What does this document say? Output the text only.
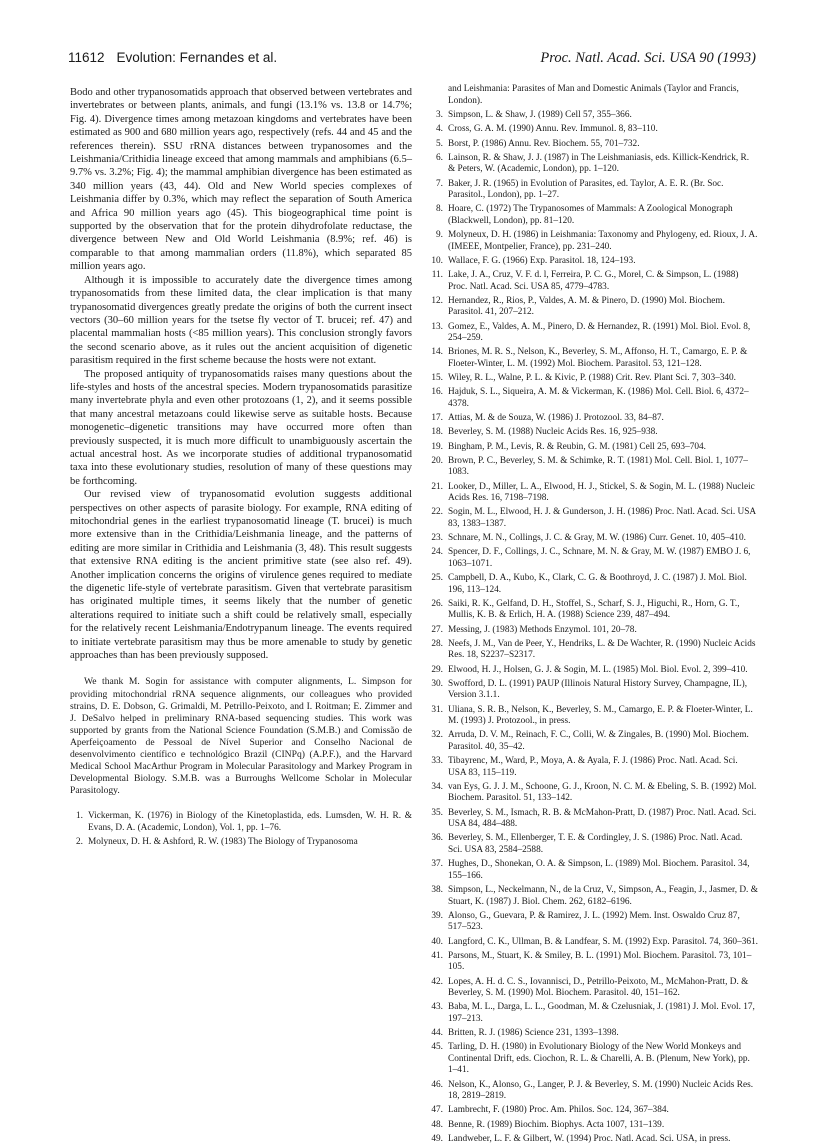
11612 Evolution: Fernandes et al.	Proc. Natl. Acad. Sci. USA 90 (1993)

Bodo and other trypanosomatids approach that observed between vertebrates and invertebrates or between plants, animals, and fungi (13.1% vs. 13.8 or 14.7%; Fig. 4). Divergence times among metazoan kingdoms and vertebrates have been estimated as 900 and 680 million years ago, respectively (refs. 44 and 45 and the references therein). SSU rRNA distances between trypanosomes and the Leishmania/Crithidia lineage exceed that among mammals and amphibians (6.5–9.7% vs. 3.2%; Fig. 4); the mammal amphibian divergence has been estimated as 340 million years (43, 44). Old and New World species complexes of Leishmania differ by 0.3%, which may reflect the separation of South America and Africa 90 million years ago (45). This biogeographical time point is supported by the observation that for the protein dihydrofolate reductase, the divergence between New and Old World Leishmania (8.9%; ref. 46) is comparable to that among mammalian orders (11.8%), which separated 85 million years ago.

Although it is impossible to accurately date the divergence times among trypanosomatids from these limited data, the clear implication is that many trypanosomatid divergences greatly predate the origins of both the current insect vectors (30–60 million years for the tsetse fly vector of T. brucei; ref. 47) and placental mammalian hosts (<85 million years). This conclusion strongly favors the second scenario above, as it rules out the ancient acquisition of digenetic parasitism required in the first scheme because the hosts were not extant.

The proposed antiquity of trypanosomatids raises many questions about the life-styles and hosts of the ancestral species. Modern trypanosomatids parasitize many invertebrate phyla and even other protozoans (1, 2), and it seems possible that many ancestral metazoans could likewise serve as suitable hosts. Because monogenetic–digenetic transitions may have occurred more often than previously suspected, it is much more difficult to unambiguously ascertain the actual ancestral host. As we incorporate studies of additional trypanosomatid taxa into these evolutionary studies, resolution of many of these questions may be forthcoming.

Our revised view of trypanosomatid evolution suggests additional perspectives on other aspects of parasite biology. For example, RNA editing of mitochondrial genes in the earliest trypanosomatid lineage (T. brucei) is much more extensive than in the Crithidia/Leishmania lineage, and the patterns of editing are more similar in Crithidia and Leishmania (3, 48). This result suggests that extensive RNA editing is the ancient primitive state (see also ref. 49). Another implication concerns the origins of virulence genes required to mediate the digenetic life-style of vertebrate parasitism. Given that vertebrate parasitism has originated multiple times, it seems likely that the number of genetic alterations required to initiate such a shift could be relatively small, especially for the relatively recent Leishmania/Endotrypanum lineage. The events required to initiate vertebrate parasitism may thus be more amenable to study by genetic approaches than has been previously supposed.

We thank M. Sogin for assistance with computer alignments, L. Simpson for providing mitochondrial rRNA sequence alignments, our colleagues who provided strains, D. E. Dobson, G. Grimaldi, M. Petrillo-Peixoto, and I. Roitman; E. Zimmer and J. DeSalvo helped in preliminary RNA-based sequencing studies. This work was supported by grants from the National Science Foundation (S.M.B.) and Comissão de Aperfeiçoamento de Pessoal de Nível Superior and Conselho Nacional de desenvolvimento científico e technológico Brazil (CINPq) (A.P.F.), and the Harvard Medical School MacArthur Program in Molecular Parasitology and Markey Program in Developmental Biology. S.M.B. was a Burroughs Wellcome Scholar in Molecular Parasitology.

1. Vickerman, K. (1976) in Biology of the Kinetoplastida, eds. Lumsden, W. H. R. & Evans, D. A. (Academic, London), Vol. 1, pp. 1–76.
2. Molyneux, D. H. & Ashford, R. W. (1983) The Biology of Trypanosoma
and Leishmania: Parasites of Man and Domestic Animals (Taylor and Francis, London).
3. Simpson, L. & Shaw, J. (1989) Cell 57, 355–366.
4. Cross, G. A. M. (1990) Annu. Rev. Immunol. 8, 83–110.
5. Borst, P. (1986) Annu. Rev. Biochem. 55, 701–732.
6. Lainson, R. & Shaw, J. J. (1987) in The Leishmaniasis, eds. Killick-Kendrick, R. & Peters, W. (Academic, London), pp. 1–120.
7. Baker, J. R. (1965) in Evolution of Parasites, ed. Taylor, A. E. R. (Br. Soc. Parasitol., London), pp. 1–27.
8. Hoare, C. (1972) The Trypanosomes of Mammals: A Zoological Monograph (Blackwell, London), pp. 81–120.
9. Molyneux, D. H. (1986) in Leishmania: Taxonomy and Phylogeny, ed. Rioux, J. A. (IMEEE, Montpelier, France), pp. 231–240.
10. Wallace, F. G. (1966) Exp. Parasitol. 18, 124–193.
11. Lake, J. A., Cruz, V. F. d. l, Ferreira, P. C. G., Morel, C. & Simpson, L. (1988) Proc. Natl. Acad. Sci. USA 85, 4779–4783.
12. Hernandez, R., Rios, P., Valdes, A. M. & Pinero, D. (1990) Mol. Biochem. Parasitol. 41, 207–212.
13. Gomez, E., Valdes, A. M., Pinero, D. & Hernandez, R. (1991) Mol. Biol. Evol. 8, 254–259.
14. Briones, M. R. S., Nelson, K., Beverley, S. M., Affonso, H. T., Camargo, E. P. & Floeter-Winter, L. M. (1992) Mol. Biochem. Parasitol. 53, 121–128.
15. Wiley, R. L., Walne, P. L. & Kivic, P. (1988) Crit. Rev. Plant Sci. 7, 303–340.
16. Hajduk, S. L., Siqueira, A. M. & Vickerman, K. (1986) Mol. Cell. Biol. 6, 4372–4378.
17. Attias, M. & de Souza, W. (1986) J. Protozool. 33, 84–87.
18. Beverley, S. M. (1988) Nucleic Acids Res. 16, 925–938.
19. Bingham, P. M., Levis, R. & Reubin, G. M. (1981) Cell 25, 693–704.
20. Brown, P. C., Beverley, S. M. & Schimke, R. T. (1981) Mol. Cell. Biol. 1, 1077–1083.
21. Looker, D., Miller, L. A., Elwood, H. J., Stickel, S. & Sogin, M. L. (1988) Nucleic Acids Res. 16, 7198–7198.
22. Sogin, M. L., Elwood, H. J. & Gunderson, J. H. (1986) Proc. Natl. Acad. Sci. USA 83, 1383–1387.
23. Schnare, M. N., Collings, J. C. & Gray, M. W. (1986) Curr. Genet. 10, 405–410.
24. Spencer, D. F., Collings, J. C., Schnare, M. N. & Gray, M. W. (1987) EMBO J. 6, 1063–1071.
25. Campbell, D. A., Kubo, K., Clark, C. G. & Boothroyd, J. C. (1987) J. Mol. Biol. 196, 113–124.
26. Saiki, R. K., Gelfand, D. H., Stoffel, S., Scharf, S. J., Higuchi, R., Horn, G. T., Mullis, K. B. & Erlich, H. A. (1988) Science 239, 487–494.
27. Messing, J. (1983) Methods Enzymol. 101, 20–78.
28. Neefs, J. M., Van de Peer, Y., Hendriks, L. & De Wachter, R. (1990) Nucleic Acids Res. 18, S2237–S2317.
29. Elwood, H. J., Holsen, G. J. & Sogin, M. L. (1985) Mol. Biol. Evol. 2, 399–410.
30. Swofford, D. L. (1991) PAUP (Illinois Natural History Survey, Champagne, IL), Version 3.1.1.
31. Uliana, S. R. B., Nelson, K., Beverley, S. M., Camargo, E. P. & Floeter-Winter, L. M. (1993) J. Protozool., in press.
32. Arruda, D. V. M., Reinach, F. C., Colli, W. & Zingales, B. (1990) Mol. Biochem. Parasitol. 40, 35–42.
33. Tibayrenc, M., Ward, P., Moya, A. & Ayala, F. J. (1986) Proc. Natl. Acad. Sci. USA 83, 115–119.
34. van Eys, G. J. J. M., Schoone, G. J., Kroon, N. C. M. & Ebeling, S. B. (1992) Mol. Biochem. Parasitol. 51, 133–142.
35. Beverley, S. M., Ismach, R. B. & McMahon-Pratt, D. (1987) Proc. Natl. Acad. Sci. USA 84, 484–488.
36. Beverley, S. M., Ellenberger, T. E. & Cordingley, J. S. (1986) Proc. Natl. Acad. Sci. USA 83, 2584–2588.
37. Hughes, D., Shonekan, O. A. & Simpson, L. (1989) Mol. Biochem. Parasitol. 34, 155–166.
38. Simpson, L., Neckelmann, N., de la Cruz, V., Simpson, A., Feagin, J., Jasmer, D. & Stuart, K. (1987) J. Biol. Chem. 262, 6182–6196.
39. Alonso, G., Guevara, P. & Ramirez, J. L. (1992) Mem. Inst. Oswaldo Cruz 87, 517–523.
40. Langford, C. K., Ullman, B. & Landfear, S. M. (1992) Exp. Parasitol. 74, 360–361.
41. Parsons, M., Stuart, K. & Smiley, B. L. (1991) Mol. Biochem. Parasitol. 73, 101–105.
42. Lopes, A. H. d. C. S., Iovannisci, D., Petrillo-Peixoto, M., McMahon-Pratt, D. & Beverley, S. M. (1990) Mol. Biochem. Parasitol. 40, 151–162.
43. Baba, M. L., Darga, L. L., Goodman, M. & Czelusniak, J. (1981) J. Mol. Evol. 17, 197–213.
44. Britten, R. J. (1986) Science 231, 1393–1398.
45. Tarling, D. H. (1980) in Evolutionary Biology of the New World Monkeys and Continental Drift, eds. Ciochon, R. L. & Charelli, A. B. (Plenum, New York), pp. 1–41.
46. Nelson, K., Alonso, G., Langer, P. J. & Beverley, S. M. (1990) Nucleic Acids Res. 18, 2819–2819.
47. Lambrecht, F. (1980) Proc. Am. Philos. Soc. 124, 367–384.
48. Benne, R. (1989) Biochim. Biophys. Acta 1007, 131–139.
49. Landweber, L. F. & Gilbert, W. (1994) Proc. Natl. Acad. Sci. USA, in press.
